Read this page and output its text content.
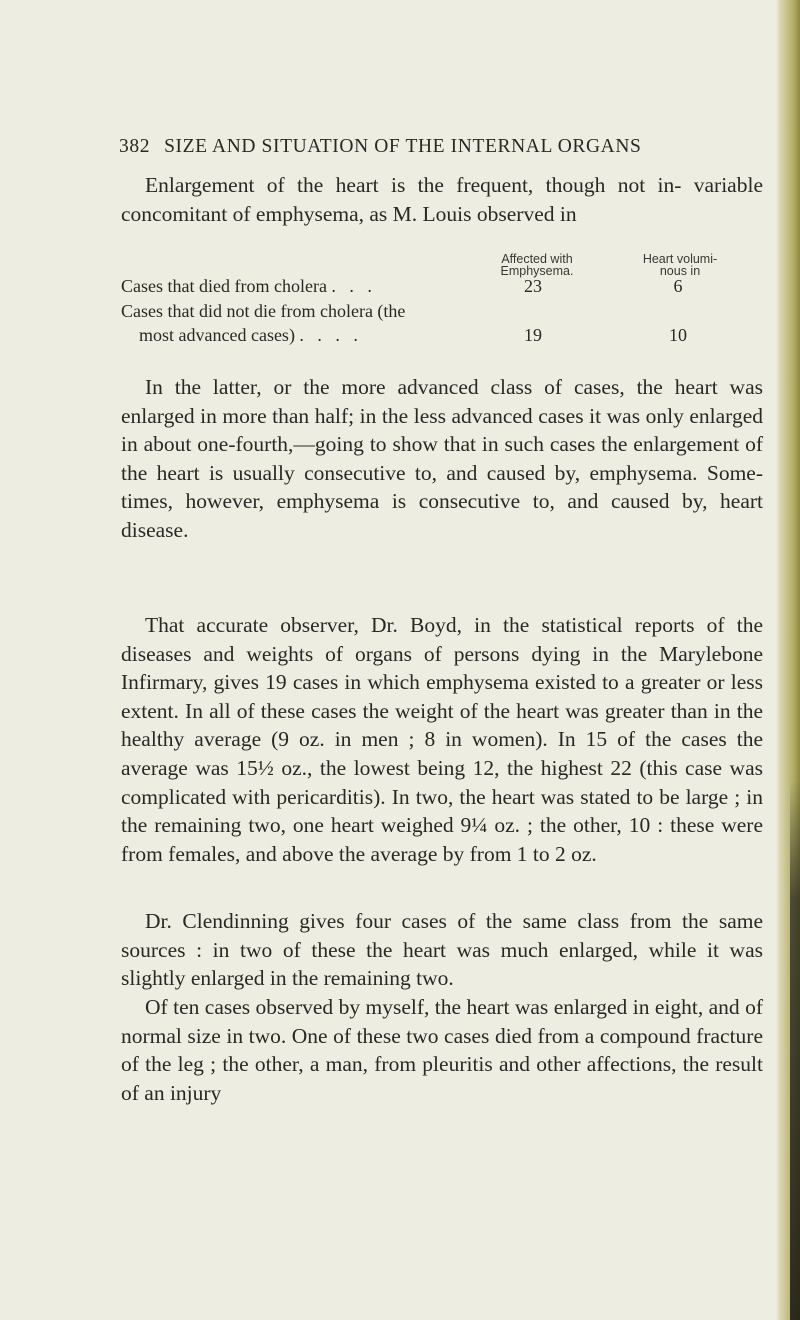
382 SIZE AND SITUATION OF THE INTERNAL ORGANS

Enlargement of the heart is the frequent, though not in- variable concomitant of emphysema, as M. Louis observed in

Affected with
Emphysema.
Heart volumi-
nous in
Cases that died from cholera .   .   .	23	6
Cases that did not die from cholera (the
most advanced cases) .   .   .   .	19	10

In the latter, or the more advanced class of cases, the heart was enlarged in more than half; in the less advanced cases it was only enlarged in about one-fourth,—going to show that in such cases the enlargement of the heart is usually consecutive to, and caused by, emphysema. Some- times, however, emphysema is consecutive to, and caused by, heart disease.

That accurate observer, Dr. Boyd, in the statistical reports of the diseases and weights of organs of persons dying in the Marylebone Infirmary, gives 19 cases in which emphysema existed to a greater or less extent. In all of these cases the weight of the heart was greater than in the healthy average (9 oz. in men ; 8 in women). In 15 of the cases the average was 15½ oz., the lowest being 12, the highest 22 (this case was complicated with pericarditis). In two, the heart was stated to be large ; in the remaining two, one heart weighed 9¼ oz. ; the other, 10 : these were from females, and above the average by from 1 to 2 oz.

Dr. Clendinning gives four cases of the same class from the same sources : in two of these the heart was much enlarged, while it was slightly enlarged in the remaining two.

Of ten cases observed by myself, the heart was enlarged in eight, and of normal size in two. One of these two cases died from a compound fracture of the leg ; the other, a man, from pleuritis and other affections, the result of an injury
